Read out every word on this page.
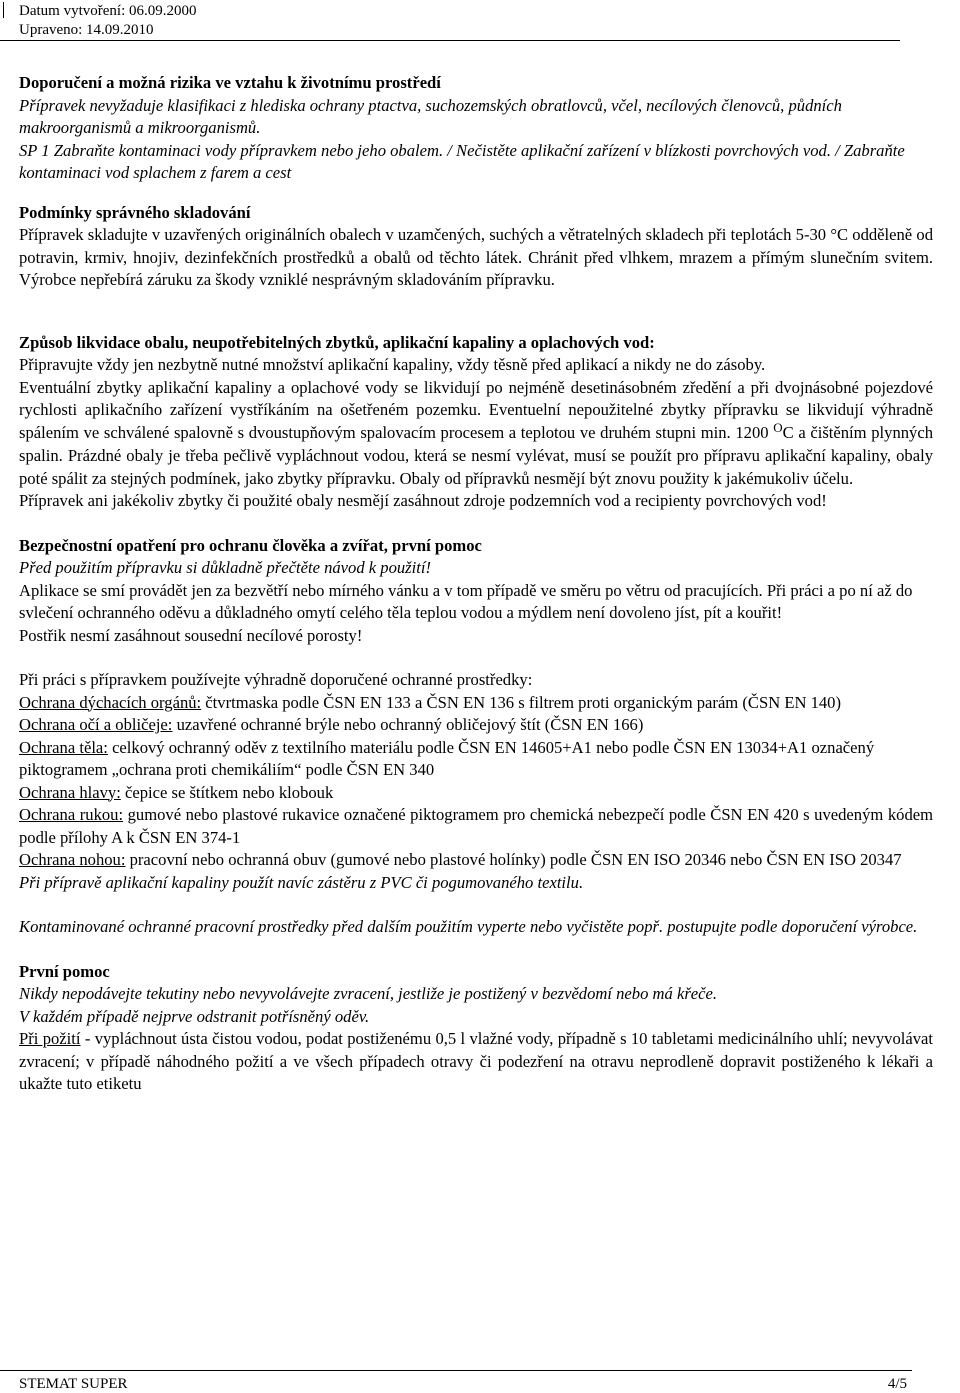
Datum vytvoření: 06.09.2000
Upraveno: 14.09.2010

Doporučení a možná rizika ve vztahu k životnímu prostředí

Přípravek nevyžaduje klasifikaci z hlediska ochrany ptactva, suchozemských obratlovců, včel, necílových členovců, půdních makroorganismů a mikroorganismů.

SP 1 Zabraňte kontaminaci vody přípravkem nebo jeho obalem. / Nečistěte aplikační zařízení v blízkosti povrchových vod. / Zabraňte kontaminaci vod splachem z farem a cest

Podmínky správného skladování

Přípravek skladujte v uzavřených originálních obalech v uzamčených, suchých a větratelných skladech při teplotách 5-30 °C odděleně od potravin, krmiv, hnojiv, dezinfekčních prostředků a obalů od těchto látek. Chránit před vlhkem, mrazem a přímým slunečním svitem. Výrobce nepřebírá záruku za škody vzniklé nesprávným skladováním přípravku.

Způsob likvidace obalu, neupotřebitelných zbytků, aplikační kapaliny a oplachových vod:

Připravujte vždy jen nezbytně nutné množství aplikační kapaliny, vždy těsně před aplikací a nikdy ne do zásoby.

Eventuální zbytky aplikační kapaliny a oplachové vody se likvidují po nejméně desetinásobném zředění a při dvojnásobné pojezdové rychlosti aplikačního zařízení vystříkáním na ošetřeném pozemku. Eventuelní nepoužitelné zbytky přípravku se likvidují výhradně spálením ve schválené spalovně s dvoustupňovým spalovacím procesem a teplotou ve druhém stupni min. 1200 $^O$C a čištěním plynných spalin. Prázdné obaly je třeba pečlivě vypláchnout vodou, která se nesmí vylévat, musí se použít pro přípravu aplikační kapaliny, obaly poté spálit za stejných podmínek, jako zbytky přípravku. Obaly od přípravků nesmějí být znovu použity k jakémukoliv účelu.

Přípravek ani jakékoliv zbytky či použité obaly nesmějí zasáhnout zdroje podzemních vod a recipienty povrchových vod!

Bezpečnostní opatření pro ochranu člověka a zvířat, první pomoc

Před použitím přípravku si důkladně přečtěte návod k použití!

Aplikace se smí provádět jen za bezvětří nebo mírného vánku a v tom případě ve směru po větru od pracujících. Při práci a po ní až do svlečení ochranného oděvu a důkladného omytí celého těla teplou vodou a mýdlem není dovoleno jíst, pít a kouřit!

Postřik nesmí zasáhnout sousední necílové porosty!

Při práci s přípravkem používejte výhradně doporučené ochranné prostředky:

Ochrana dýchacích orgánů: čtvrtmaska podle ČSN EN 133 a ČSN EN 136 s filtrem proti organickým parám (ČSN EN 140)

Ochrana očí a obličeje: uzavřené ochranné brýle nebo ochranný obličejový štít (ČSN EN 166)

Ochrana těla: celkový ochranný oděv z textilního materiálu podle ČSN EN 14605+A1 nebo podle ČSN EN 13034+A1 označený piktogramem „ochrana proti chemikáliím“ podle ČSN EN 340

Ochrana hlavy: čepice se štítkem nebo klobouk

Ochrana rukou: gumové nebo plastové rukavice označené piktogramem pro chemická nebezpečí podle ČSN EN 420 s uvedeným kódem podle přílohy A k ČSN EN 374-1

Ochrana nohou: pracovní nebo ochranná obuv (gumové nebo plastové holínky) podle ČSN EN ISO 20346 nebo ČSN EN ISO 20347

Při přípravě aplikační kapaliny použít navíc zástěru z PVC či pogumovaného textilu.

Kontaminované ochranné pracovní prostředky před dalším použitím vyperte nebo vyčistěte popř. postupujte podle doporučení výrobce.

První pomoc

Nikdy nepodávejte tekutiny nebo nevyvolávejte zvracení, jestliže je postižený v bezvědomí nebo má křeče.

V každém případě nejprve odstranit potřísněný oděv.

Při požití - vypláchnout ústa čistou vodou, podat postiženému 0,5 l vlažné vody, případně s 10 tabletami medicinálního uhlí; nevyvolávat zvracení; v případě náhodného požití a ve všech případech otravy či podezření na otravu neprodleně dopravit postiženého k lékaři a ukažte tuto etiketu

STEMAT SUPER	4/5
